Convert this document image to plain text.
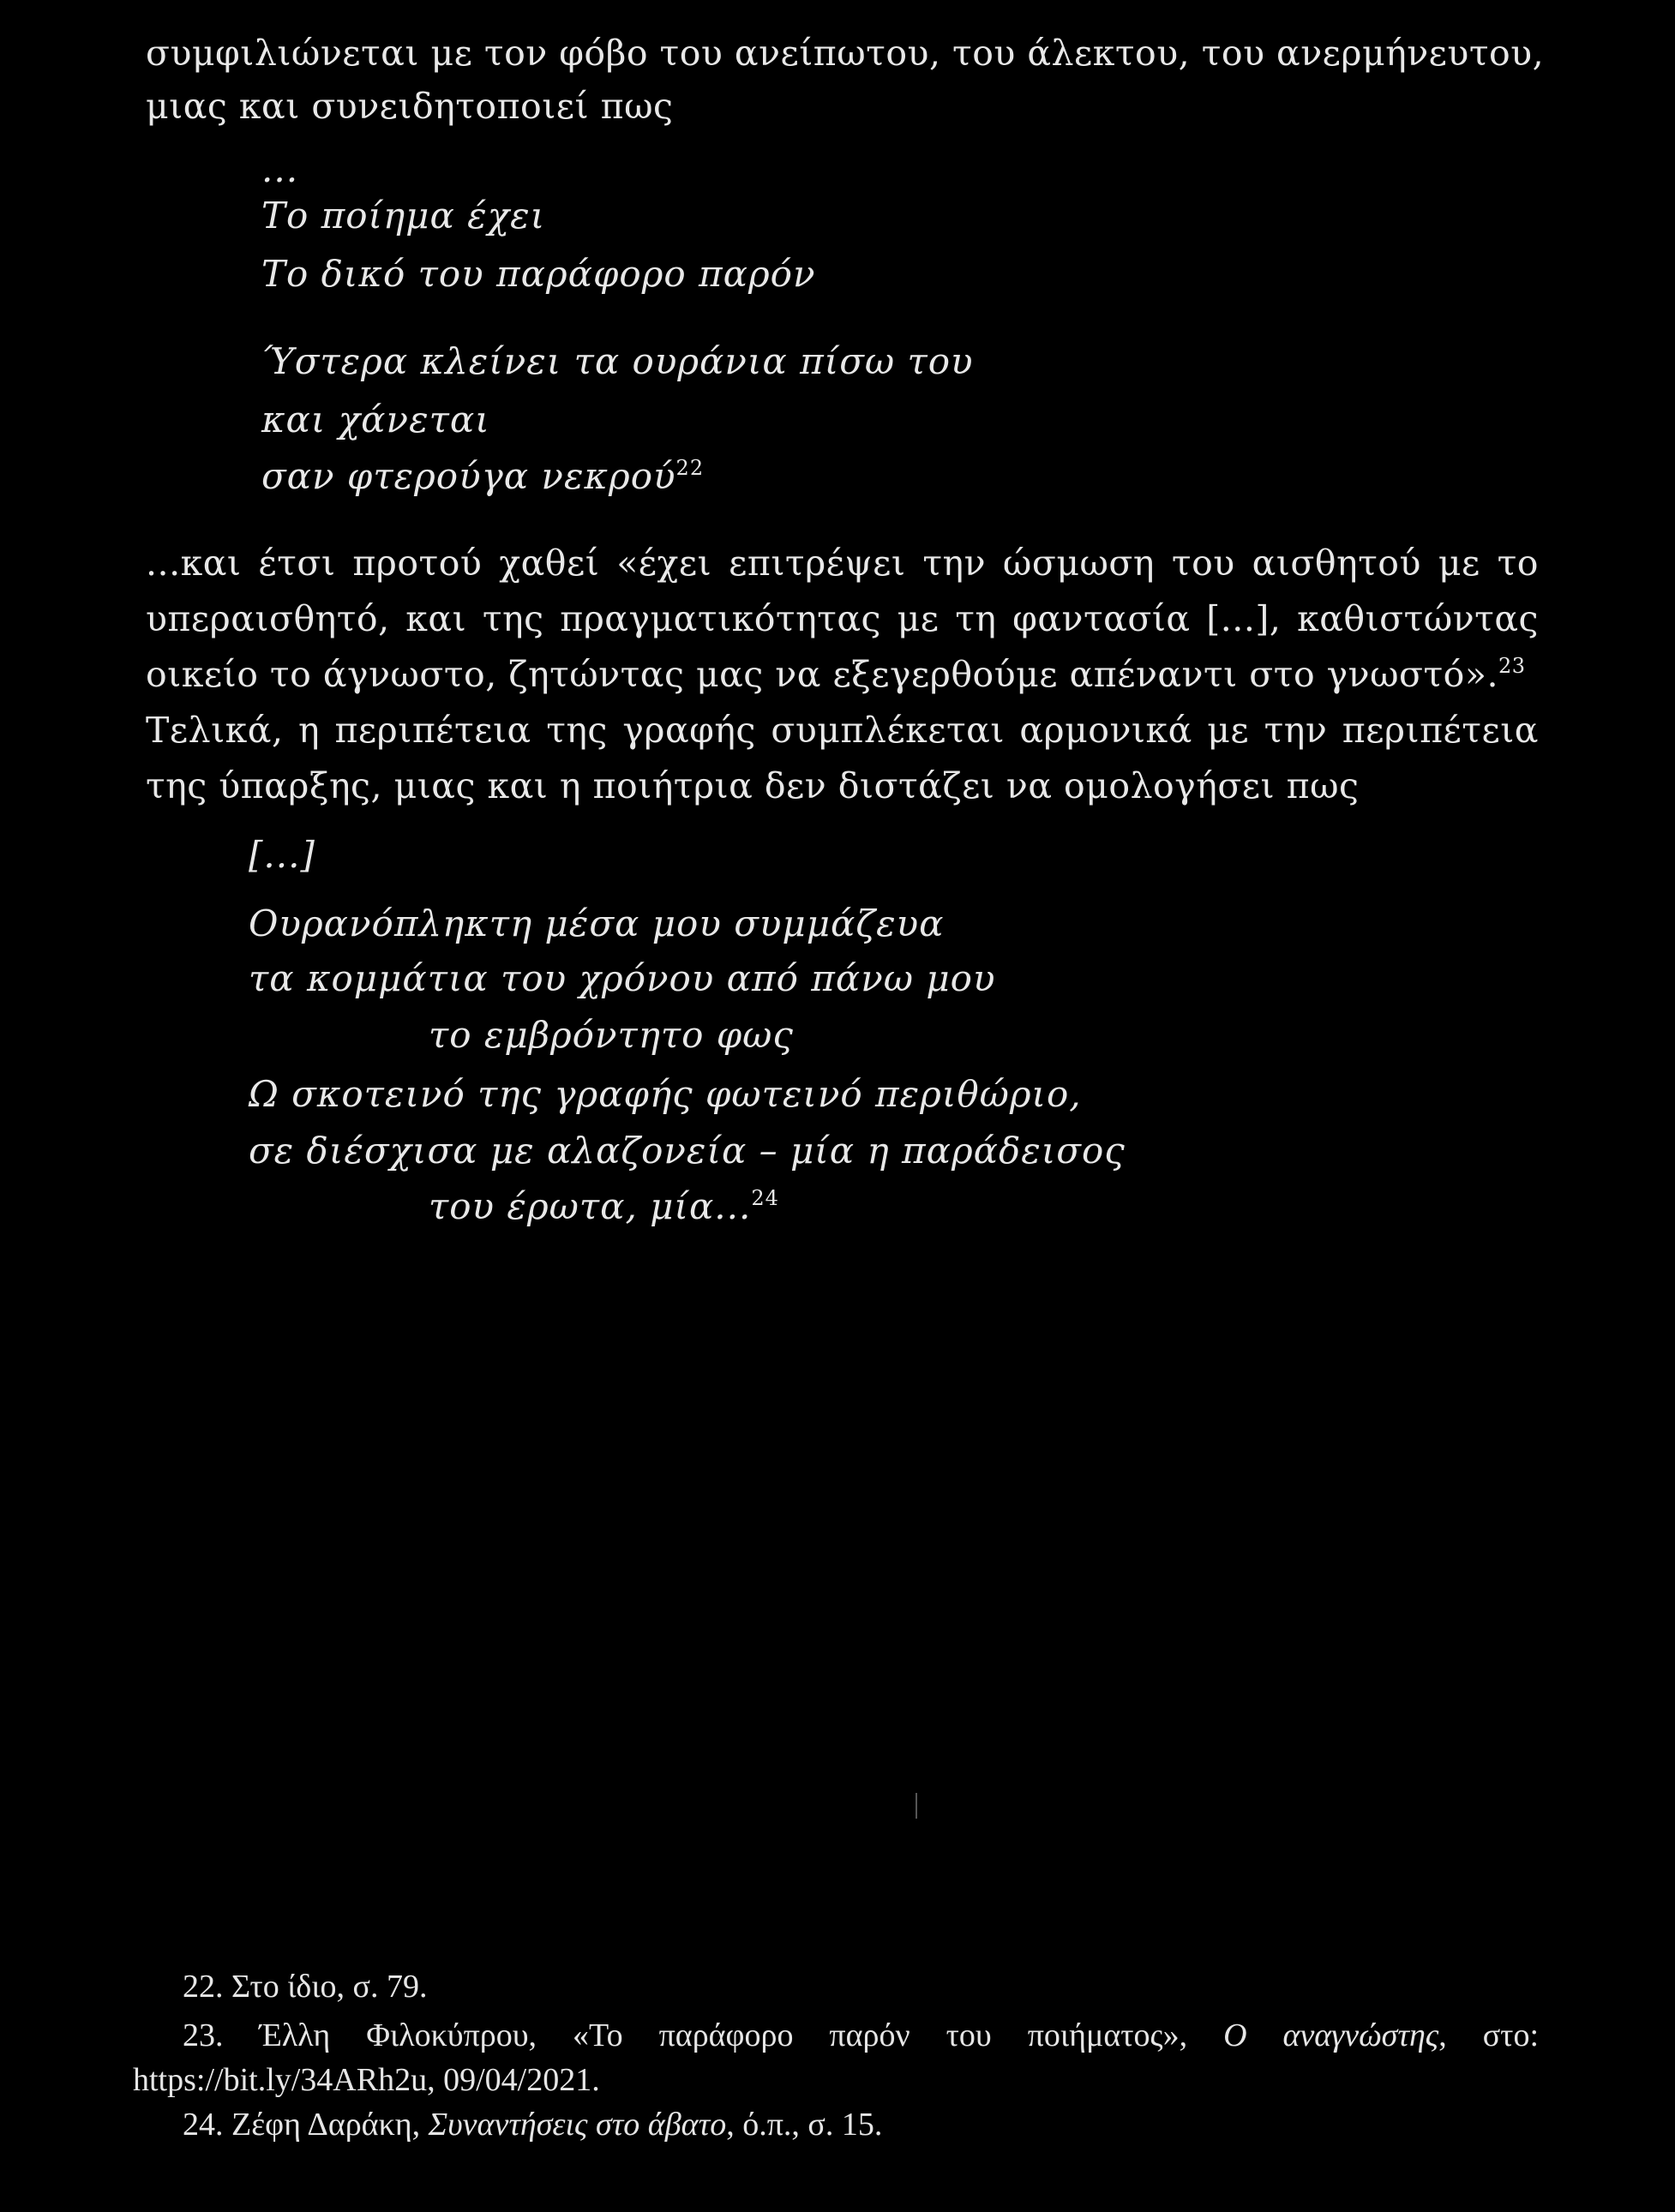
συμφιλιώνεται με τον φόβο του ανείπωτου, του άλεκτου, του ανερμήνευτου,
μιας και συνειδητοποιεί πως
...
Το ποίημα έχει
Το δικό του παράφορο παρόν
Ύστερα κλείνει τα ουράνια πίσω του
και χάνεται
σαν φτερούγα νεκρού$^{22}$
...και έτσι προτού χαθεί «έχει επιτρέψει την ώσμωση του αισθητού με το
υπεραισθητό, και της πραγματικότητας με τη φαντασία [...], καθιστώντας
οικείο το άγνωστο, ζητώντας μας να εξεγερθούμε απέναντι στο γνωστό».$^{23}$
Τελικά, η περιπέτεια της γραφής συμπλέκεται αρμονικά με την περιπέτεια
της ύπαρξης, μιας και η ποιήτρια δεν διστάζει να ομολογήσει πως
[...]
Ουρανόπληκτη μέσα μου συμμάζευα
τα κομμάτια του χρόνου από πάνω μου
το εμβρόντητο φως
Ω σκοτεινό της γραφής φωτεινό περιθώριο,
σε διέσχισα με αλαζονεία – μία η παράδεισος
του έρωτα, μία...$^{24}$
22. Στο ίδιο, σ. 79.
23. Έλλη Φιλοκύπρου, «Το παράφορο παρόν του ποιήματος», Ο αναγνώστης, στο:
https://bit.ly/34ARh2u, 09/04/2021.
24. Ζέφη Δαράκη, Συναντήσεις στο άβατο, ό.π., σ. 15.
